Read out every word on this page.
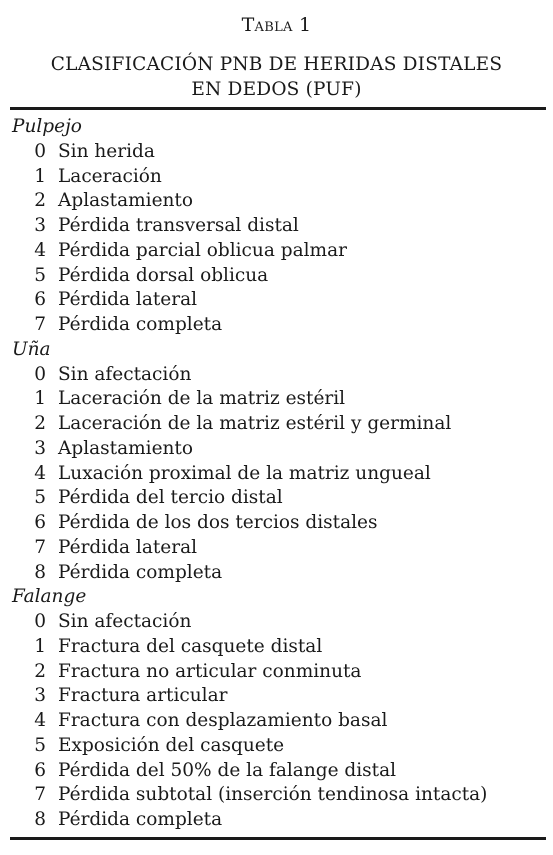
Tabla 1
CLASIFICACIÓN PNB DE HERIDAS DISTALES
EN DEDOS (PUF)
Pulpejo
0 Sin herida
1 Laceración
2 Aplastamiento
3 Pérdida transversal distal
4 Pérdida parcial oblicua palmar
5 Pérdida dorsal oblicua
6 Pérdida lateral
7 Pérdida completa
Uña
0 Sin afectación
1 Laceración de la matriz estéril
2 Laceración de la matriz estéril y germinal
3 Aplastamiento
4 Luxación proximal de la matriz ungueal
5 Pérdida del tercio distal
6 Pérdida de los dos tercios distales
7 Pérdida lateral
8 Pérdida completa
Falange
0 Sin afectación
1 Fractura del casquete distal
2 Fractura no articular conminuta
3 Fractura articular
4 Fractura con desplazamiento basal
5 Exposición del casquete
6 Pérdida del 50% de la falange distal
7 Pérdida subtotal (inserción tendinosa intacta)
8 Pérdida completa
